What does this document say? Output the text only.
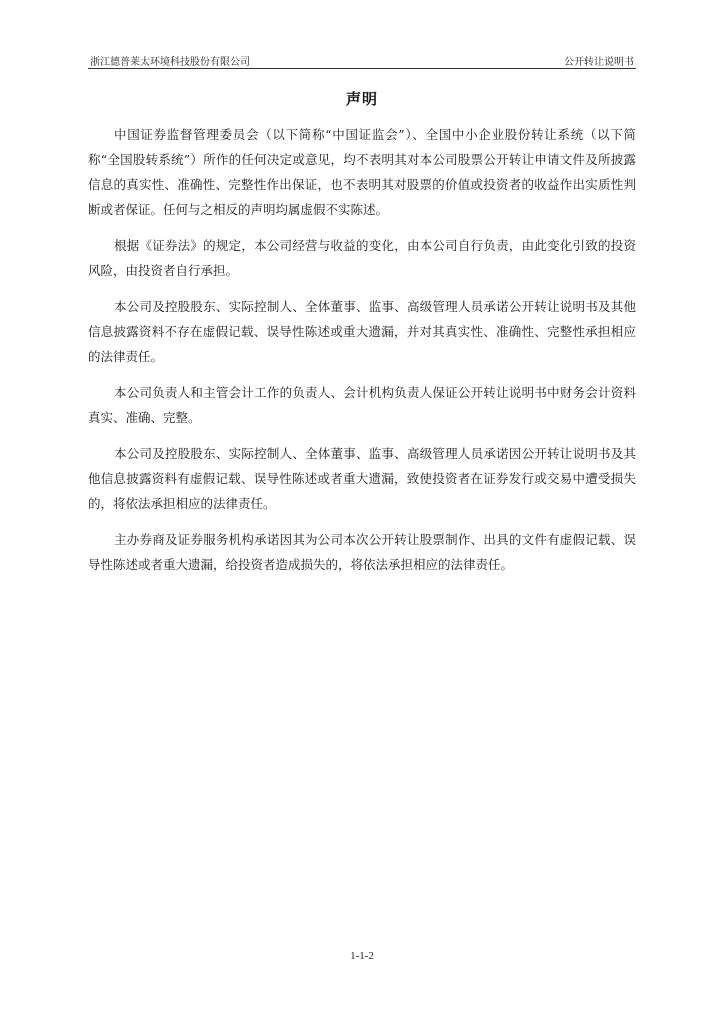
浙江德普莱太环境科技股份有限公司	公开转让说明书
声明

中国证券监督管理委员会（以下简称“中国证监会”）、全国中小企业股份转让系统（以下简称“全国股转系统”）所作的任何决定或意见，均不表明其对本公司股票公开转让申请文件及所披露信息的真实性、准确性、完整性作出保证，也不表明其对股票的价值或投资者的收益作出实质性判断或者保证。任何与之相反的声明均属虚假不实陈述。

根据《证券法》的规定，本公司经营与收益的变化，由本公司自行负责，由此变化引致的投资风险，由投资者自行承担。

本公司及控股股东、实际控制人、全体董事、监事、高级管理人员承诺公开转让说明书及其他信息披露资料不存在虚假记载、误导性陈述或重大遗漏，并对其真实性、准确性、完整性承担相应的法律责任。

本公司负责人和主管会计工作的负责人、会计机构负责人保证公开转让说明书中财务会计资料真实、准确、完整。

本公司及控股股东、实际控制人、全体董事、监事、高级管理人员承诺因公开转让说明书及其他信息披露资料有虚假记载、误导性陈述或者重大遗漏，致使投资者在证券发行或交易中遭受损失的，将依法承担相应的法律责任。

主办券商及证券服务机构承诺因其为公司本次公开转让股票制作、出具的文件有虚假记载、误导性陈述或者重大遗漏，给投资者造成损失的，将依法承担相应的法律责任。

1-1-2
